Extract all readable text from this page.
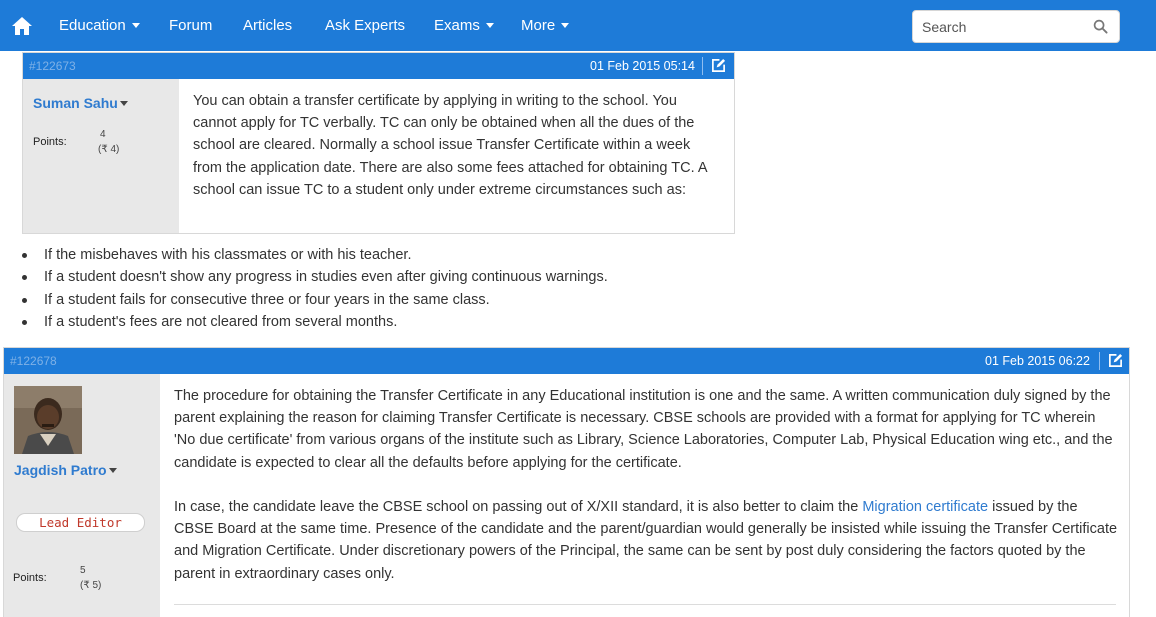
Education	Forum Articles Ask Experts Exams	More
Search
#122673	01 Feb 2015 05:14
Suman Sahu
Points:
4
(₹ 4)
You can obtain a transfer certificate by applying in writing to the school. You cannot apply for TC verbally. TC can only be obtained when all the dues of the school are cleared. Normally a school issue Transfer Certificate within a week from the application date. There are also some fees attached for obtaining TC. A school can issue TC to a student only under extreme circumstances such as:
If the misbehaves with his classmates or with his teacher.
If a student doesn't show any progress in studies even after giving continuous warnings.
If a student fails for consecutive three or four years in the same class.
If a student's fees are not cleared from several months.
#122678	01 Feb 2015 06:22
Jagdish Patro
Lead Editor
Points:
5
(₹ 5)
The procedure for obtaining the Transfer Certificate in any Educational institution is one and the same. A written communication duly signed by the parent explaining the reason for claiming Transfer Certificate is necessary. CBSE schools are provided with a format for applying for TC wherein 'No due certificate' from various organs of the institute such as Library, Science Laboratories, Computer Lab, Physical Education wing etc., and the candidate is expected to clear all the defaults before applying for the certificate.
In case, the candidate leave the CBSE school on passing out of X/XII standard, it is also better to claim the Migration certificate issued by the CBSE Board at the same time. Presence of the candidate and the parent/guardian would generally be insisted while issuing the Transfer Certificate and Migration Certificate. Under discretionary powers of the Principal, the same can be sent by post duly considering the factors quoted by the parent in extraordinary cases only.
